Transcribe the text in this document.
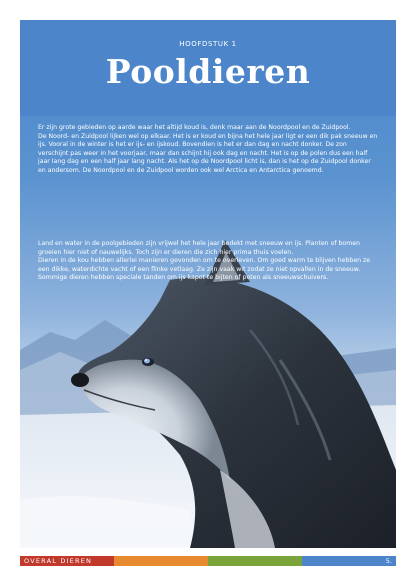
HOOFDSTUK 1
Pooldieren

Er zijn grote gebieden op aarde waar het altijd koud is, denk maar aan de Noordpool en de Zuidpool.

De Noord- en Zuidpool lijken wel op elkaar. Het is er koud en bijna het hele jaar ligt er een dik pak sneeuw en ijs. Vooral in de winter is het er ijs- en ijskoud. Bovendien is het er dan dag en nacht donker. De zon verschijnt pas weer in het voorjaar, maar dan schijnt hij ook dag en nacht. Het is op de polen dus een half jaar lang dag en een half jaar lang nacht. Als het op de Noordpool licht is, dan is het op de Zuidpool donker en andersom. De Noordpool en de Zuidpool worden ook wel Arctica en Antarctica genoemd.

Land en water in de poolgebieden zijn vrijwel het hele jaar bedekt met sneeuw en ijs. Planten of bomen groeien hier niet of nauwelijks. Toch zijn er dieren die zich hier prima thuis voelen.

Dieren in de kou hebben allerlei manieren gevonden om te overleven. Om goed warm te blijven hebben ze een dikke, waterdichte vacht of een flinke vetlaag. Ze zijn vaak wit zodat ze niet opvallen in de sneeuw. Sommige dieren hebben speciale tanden om ijs kapot te bijten of poten als sneeuwschuivers.

OVERAL DIEREN	5.
